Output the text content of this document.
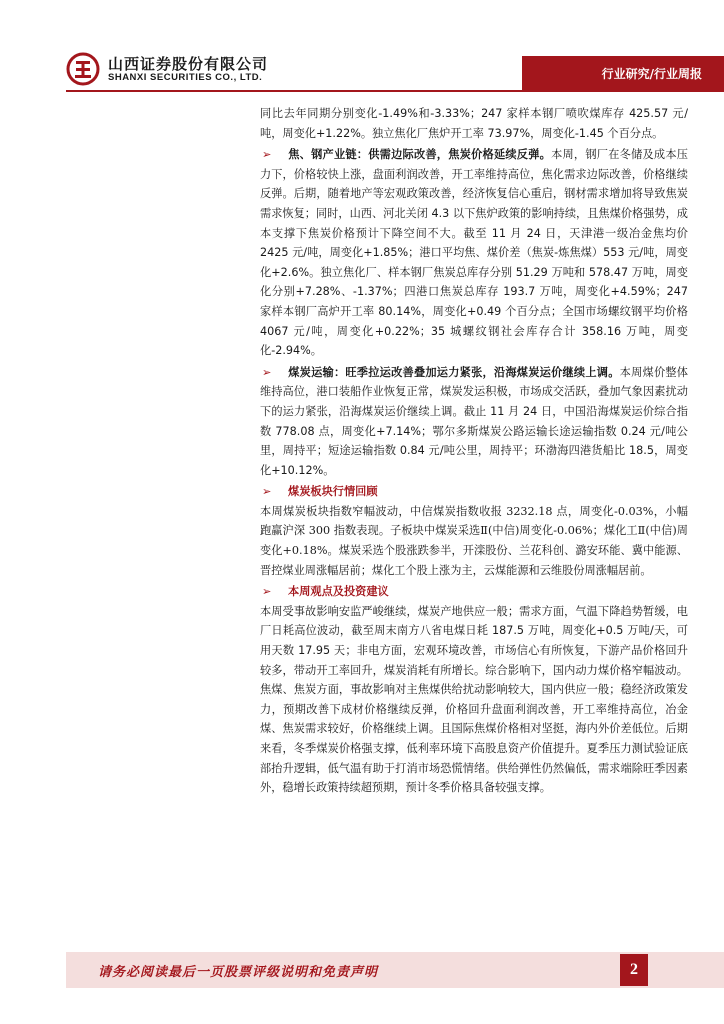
山西证券股份有限公司
SHANXI SECURITIES CO., LTD.	行业研究/行业周报

同比去年同期分别变化-1.49%和-3.33%；247 家样本钢厂喷吹煤库存 425.57 元/吨，周变化+1.22%。独立焦化厂焦炉开工率 73.97%，周变化-1.45 个百分点。

➢ 焦、钢产业链：供需边际改善，焦炭价格延续反弹。本周，钢厂在冬储及成本压力下，价格较快上涨，盘面利润改善，开工率维持高位，焦化需求边际改善，价格继续反弹。后期，随着地产等宏观政策改善，经济恢复信心重启，钢材需求增加将导致焦炭需求恢复；同时，山西、河北关闭 4.3 以下焦炉政策的影响持续，且焦煤价格强势，成本支撑下焦炭价格预计下降空间不大。截至 11 月 24 日，天津港一级冶金焦均价 2425 元/吨，周变化+1.85%；港口平均焦、煤价差（焦炭-炼焦煤）553 元/吨，周变化+2.6%。独立焦化厂、样本钢厂焦炭总库存分别 51.29 万吨和 578.47 万吨，周变化分别+7.28%、-1.37%；四港口焦炭总库存 193.7 万吨，周变化+4.59%；247 家样本钢厂高炉开工率 80.14%，周变化+0.49 个百分点；全国市场螺纹钢平均价格 4067 元/吨，周变化+0.22%；35 城螺纹钢社会库存合计 358.16 万吨，周变化-2.94%。

➢ 煤炭运输：旺季拉运改善叠加运力紧张，沿海煤炭运价继续上调。本周煤价整体维持高位，港口装船作业恢复正常，煤炭发运积极，市场成交活跃，叠加气象因素扰动下的运力紧张，沿海煤炭运价继续上调。截止 11 月 24 日，中国沿海煤炭运价综合指数 778.08 点，周变化+7.14%；鄂尔多斯煤炭公路运输长途运输指数 0.24 元/吨公里，周持平；短途运输指数 0.84 元/吨公里，周持平；环渤海四港货船比 18.5，周变化+10.12%。

➢ 煤炭板块行情回顾

本周煤炭板块指数窄幅波动，中信煤炭指数收报 3232.18 点，周变化-0.03%，小幅跑赢沪深 300 指数表现。子板块中煤炭采选Ⅱ(中信)周变化-0.06%；煤化工Ⅱ(中信)周变化+0.18%。煤炭采选个股涨跌参半，开滦股份、兰花科创、潞安环能、冀中能源、晋控煤业周涨幅居前；煤化工个股上涨为主，云煤能源和云维股份周涨幅居前。

➢ 本周观点及投资建议

本周受事故影响安监严峻继续，煤炭产地供应一般；需求方面，气温下降趋势暂缓，电厂日耗高位波动，截至周末南方八省电煤日耗 187.5 万吨，周变化+0.5 万吨/天，可用天数 17.95 天；非电方面，宏观环境改善，市场信心有所恢复，下游产品价格回升较多，带动开工率回升，煤炭消耗有所增长。综合影响下，国内动力煤价格窄幅波动。焦煤、焦炭方面，事故影响对主焦煤供给扰动影响较大，国内供应一般；稳经济政策发力，预期改善下成材价格继续反弹，价格回升盘面利润改善，开工率维持高位，冶金煤、焦炭需求较好，价格继续上调。且国际焦煤价格相对坚挺，海内外价差低位。后期来看，冬季煤炭价格强支撑，低利率环境下高股息资产价值提升。夏季压力测试验证底部抬升逻辑，低气温有助于打消市场恐慌情绪。供给弹性仍然偏低，需求端除旺季因素外，稳增长政策持续超预期，预计冬季价格具备较强支撑。

请务必阅读最后一页股票评级说明和免责声明	2
